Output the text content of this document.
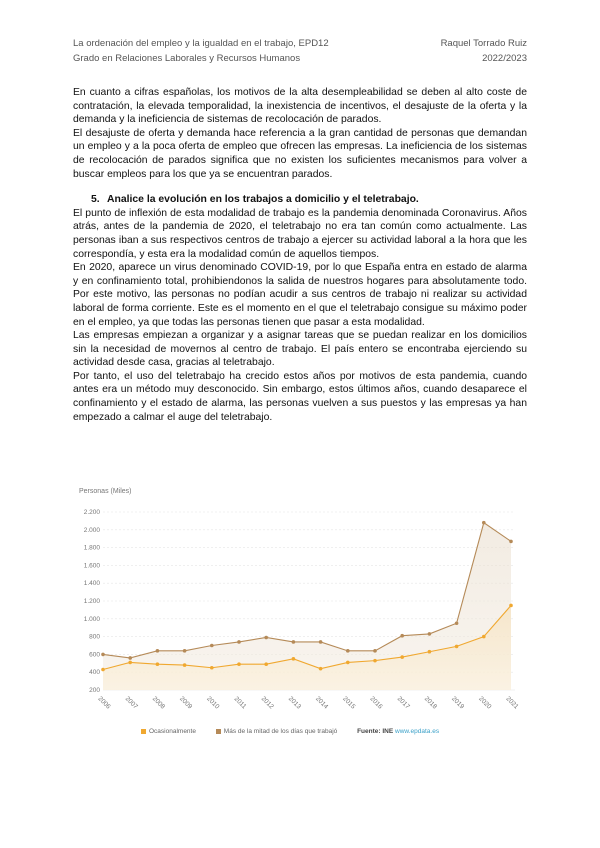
La ordenación del empleo y la igualdad en el trabajo, EPD12
Grado en Relaciones Laborales y Recursos Humanos
Raquel Torrado Ruiz
2022/2023

En cuanto a cifras españolas, los motivos de la alta desempleabilidad se deben al alto coste de contratación, la elevada temporalidad, la inexistencia de incentivos, el desajuste de la oferta y la demanda y la ineficiencia de sistemas de recolocación de parados.

El desajuste de oferta y demanda hace referencia a la gran cantidad de personas que demandan un empleo y a la poca oferta de empleo que ofrecen las empresas. La ineficiencia de los sistemas de recolocación de parados significa que no existen los suficientes mecanismos para volver a buscar empleos para los que ya se encuentran parados.

5. Analice la evolución en los trabajos a domicilio y el teletrabajo.

El punto de inflexión de esta modalidad de trabajo es la pandemia denominada Coronavirus. Años atrás, antes de la pandemia de 2020, el teletrabajo no era tan común como actualmente. Las personas iban a sus respectivos centros de trabajo a ejercer su actividad laboral a la hora que les correspondía, y esta era la modalidad común de aquellos tiempos.

En 2020, aparece un virus denominado COVID-19, por lo que España entra en estado de alarma y en confinamiento total, prohibiendonos la salida de nuestros hogares para absolutamente todo. Por este motivo, las personas no podían acudir a sus centros de trabajo ni realizar su actividad laboral de forma corriente. Este es el momento en el que el teletrabajo consigue su máximo poder en el empleo, ya que todas las personas tienen que pasar a esta modalidad.

Las empresas empiezan a organizar y a asignar tareas que se puedan realizar en los domicilios sin la necesidad de movernos al centro de trabajo. El país entero se encontraba ejerciendo su actividad desde casa, gracias al teletrabajo.

Por tanto, el uso del teletrabajo ha crecido estos años por motivos de esta pandemia, cuando antes era un método muy desconocido. Sin embargo, estos últimos años, cuando desaparece el confinamiento y el estado de alarma, las personas vuelven a sus puestos y las empresas ya han empezado a calmar el auge del teletrabajo.

Personas (Miles)
200
400
600
800
1.000
1.200
1.400
1.600
1.800
2.000
2.200
2006 2007 2008 2009 2010 2011 2012 2013 2014 2015 2016 2017 2018 2019 2020 2021
Ocasionalmente	Más de la mitad de los días que trabajó	Fuente: INE www.epdata.es
